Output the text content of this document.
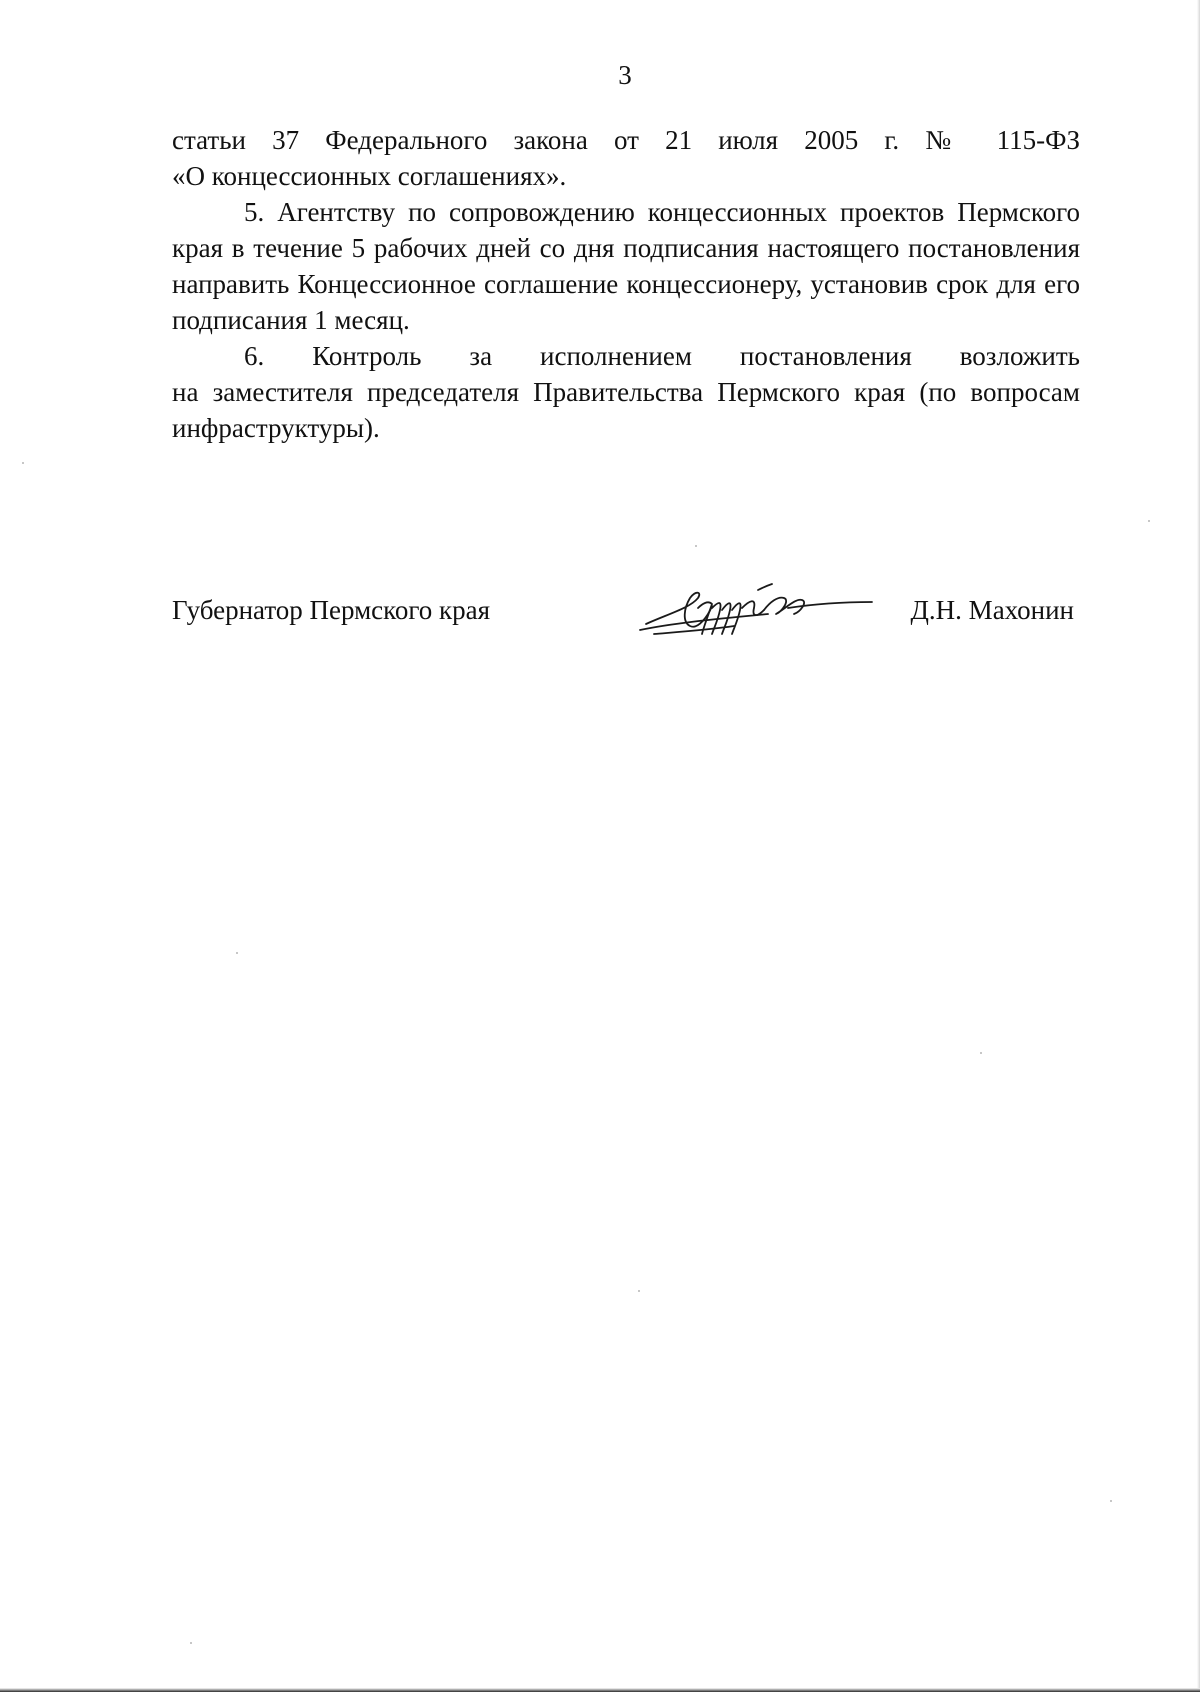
3

статьи 37 Федерального закона от 21 июля 2005 г. № 115-ФЗ

«О концессионных соглашениях».

5. Агентству по сопровождению концессионных проектов Пермского края в течение 5 рабочих дней со дня подписания настоящего постановления направить Концессионное соглашение концессионеру, установив срок для его подписания 1 месяц.

6. Контроль за исполнением постановления возложить

на заместителя председателя Правительства Пермского края (по вопросам инфраструктуры).

Губернатор Пермского края	Д.Н. Махонин
